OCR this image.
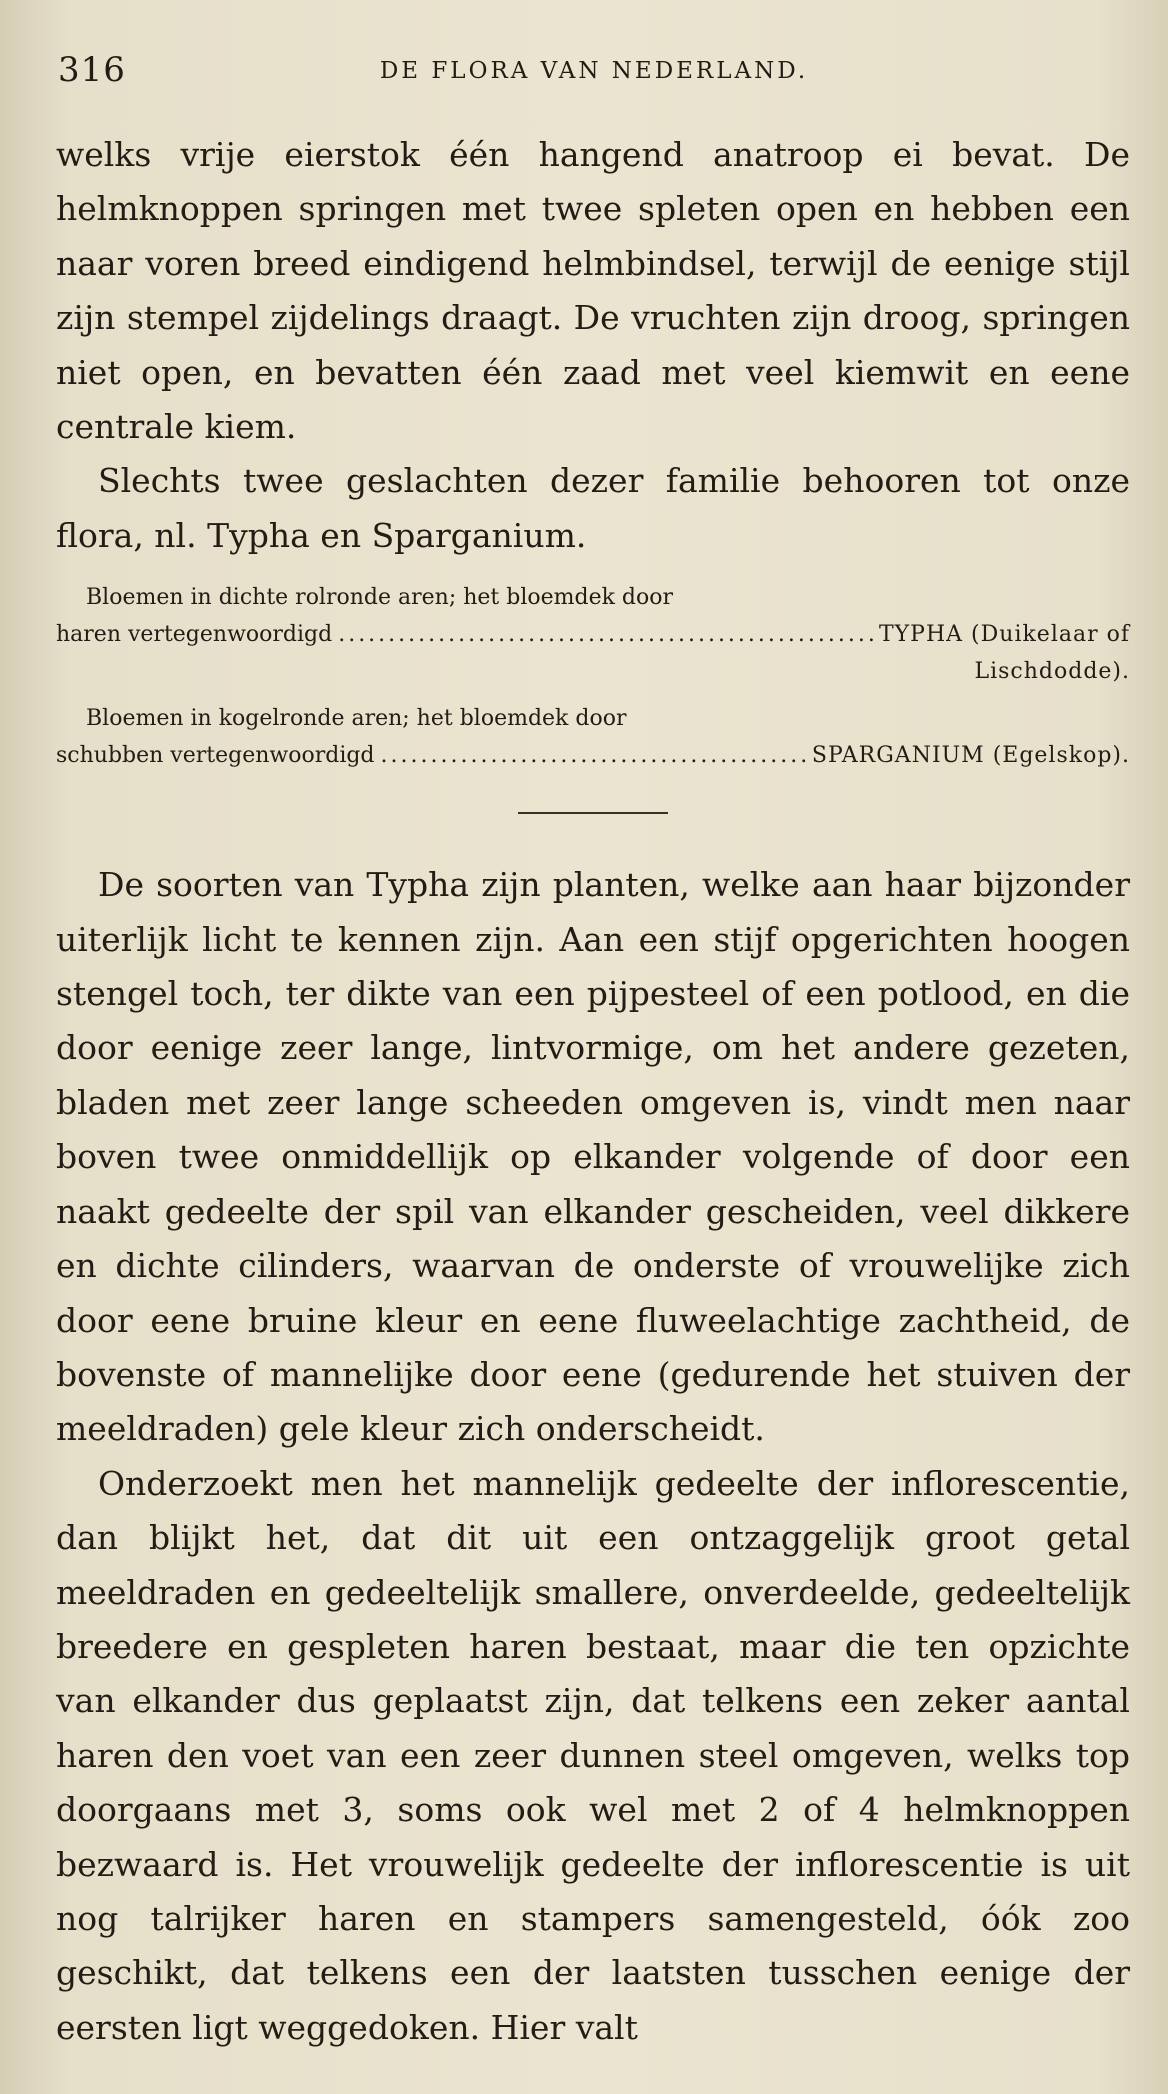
316	DE FLORA VAN NEDERLAND.

welks vrije eierstok één hangend anatroop ei bevat. De helmknoppen springen met twee spleten open en hebben een naar voren breed eindigend helmbindsel, terwijl de eenige stijl zijn stempel zijdelings draagt. De vruchten zijn droog, springen niet open, en bevatten één zaad met veel kiemwit en eene centrale kiem.

Slechts twee geslachten dezer familie behooren tot onze flora, nl. Typha en Sparganium.

Bloemen in dichte rolronde aren; het bloemdek door
haren vertegenwoordigd .....	TYPHA (Duikelaar of
Lischdodde).
Bloemen in kogelronde aren; het bloemdek door
schubben vertegenwoordigd .....	SPARGANIUM (Egelskop).

De soorten van Typha zijn planten, welke aan haar bijzonder uiterlijk licht te kennen zijn. Aan een stijf opgerichten hoogen stengel toch, ter dikte van een pijpesteel of een potlood, en die door eenige zeer lange, lintvormige, om het andere gezeten, bladen met zeer lange scheeden omgeven is, vindt men naar boven twee onmiddellijk op elkander volgende of door een naakt gedeelte der spil van elkander gescheiden, veel dikkere en dichte cilinders, waarvan de onderste of vrouwelijke zich door eene bruine kleur en eene fluweelachtige zachtheid, de bovenste of mannelijke door eene (gedurende het stuiven der meeldraden) gele kleur zich onderscheidt.

Onderzoekt men het mannelijk gedeelte der inflorescentie, dan blijkt het, dat dit uit een ontzaggelijk groot getal meeldraden en gedeeltelijk smallere, onverdeelde, gedeeltelijk breedere en gespleten haren bestaat, maar die ten opzichte van elkander dus geplaatst zijn, dat telkens een zeker aantal haren den voet van een zeer dunnen steel omgeven, welks top doorgaans met 3, soms ook wel met 2 of 4 helmknoppen bezwaard is. Het vrouwelijk gedeelte der inflorescentie is uit nog talrijker haren en stampers samengesteld, óók zoo geschikt, dat telkens een der laatsten tusschen eenige der eersten ligt weggedoken. Hier valt
